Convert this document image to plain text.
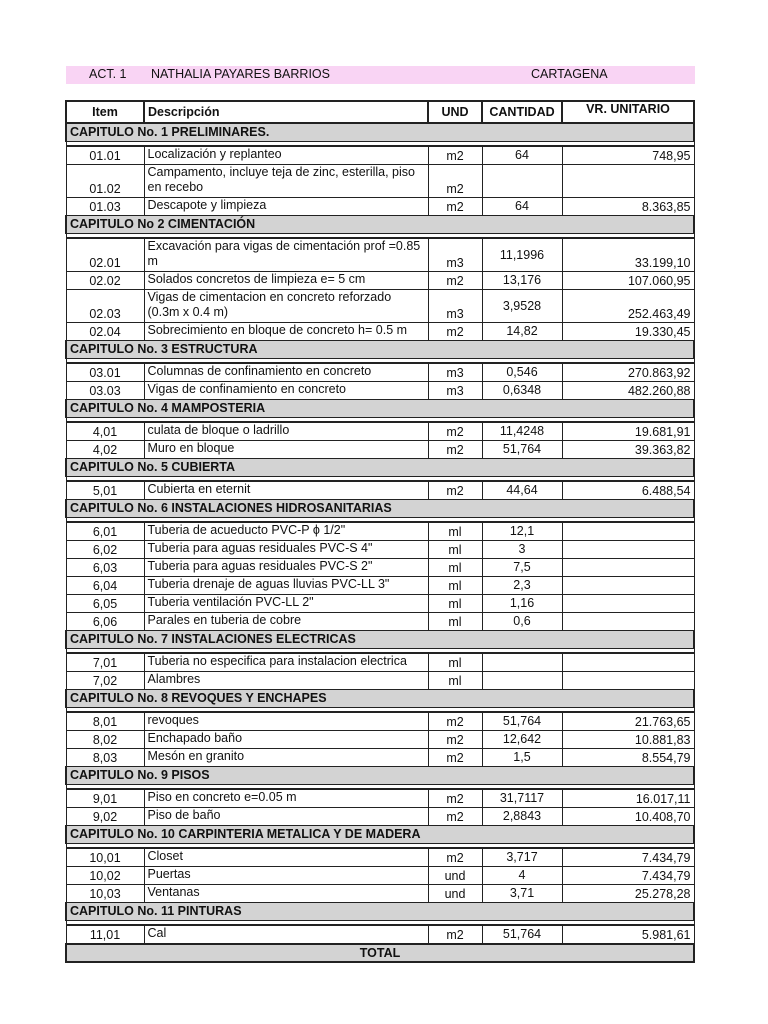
ACT. 1 NATHALIA PAYARES BARRIOS	CARTAGENA
Item	Descripción	UND	CANTIDAD	VR. UNITARIO
CAPITULO No. 1 PRELIMINARES.				

01.01	Localización y replanteo	m2	64	748,95
01.02	Campamento, incluye teja de zinc, esterilla, piso en recebo	m2		
01.03	Descapote y limpieza	m2	64	8.363,85
CAPITULO No 2 CIMENTACIÓN				

02.01	Excavación para vigas de cimentación prof =0.85 m	m3	11,1996	33.199,10
02.02	Solados concretos de limpieza e= 5 cm	m2	13,176	107.060,95
02.03	Vigas de cimentacion en concreto reforzado (0.3m x 0.4 m)	m3	3,9528	252.463,49
02.04	Sobrecimiento en bloque de concreto h= 0.5 m	m2	14,82	19.330,45
CAPITULO No. 3 ESTRUCTURA				

03.01	Columnas de confinamiento en concreto	m3	0,546	270.863,92
03.03	Vigas de confinamiento en concreto	m3	0,6348	482.260,88
CAPITULO No. 4 MAMPOSTERIA				

4,01	culata de bloque o ladrillo	m2	11,4248	19.681,91
4,02	Muro en bloque	m2	51,764	39.363,82
CAPITULO No. 5 CUBIERTA				

5,01	Cubierta en eternit	m2	44,64	6.488,54
CAPITULO No. 6 INSTALACIONES HIDROSANITARIAS				

6,01	Tuberia de acueducto PVC-P ϕ 1/2"	ml	12,1	
6,02	Tuberia para aguas residuales PVC-S 4"	ml	3	
6,03	Tuberia para aguas residuales PVC-S 2"	ml	7,5	
6,04	Tuberia drenaje de aguas lluvias PVC-LL 3"	ml	2,3	
6,05	Tuberia ventilación PVC-LL 2"	ml	1,16	
6,06	Parales en tuberia de cobre	ml	0,6	
CAPITULO No. 7 INSTALACIONES ELECTRICAS				

7,01	Tuberia no especifica para instalacion electrica	ml		
7,02	Alambres	ml		
CAPITULO No. 8 REVOQUES Y ENCHAPES				

8,01	revoques	m2	51,764	21.763,65
8,02	Enchapado baño	m2	12,642	10.881,83
8,03	Mesón en granito	m2	1,5	8.554,79
CAPITULO No. 9 PISOS				

9,01	Piso en concreto e=0.05 m	m2	31,7117	16.017,11
9,02	Piso de baño	m2	2,8843	10.408,70
CAPITULO No. 10 CARPINTERIA METALICA Y DE MADERA				

10,01	Closet	m2	3,717	7.434,79
10,02	Puertas	und	4	7.434,79
10,03	Ventanas	und	3,71	25.278,28
CAPITULO No. 11 PINTURAS				

11,01	Cal	m2	51,764	5.981,61
TOTAL				
